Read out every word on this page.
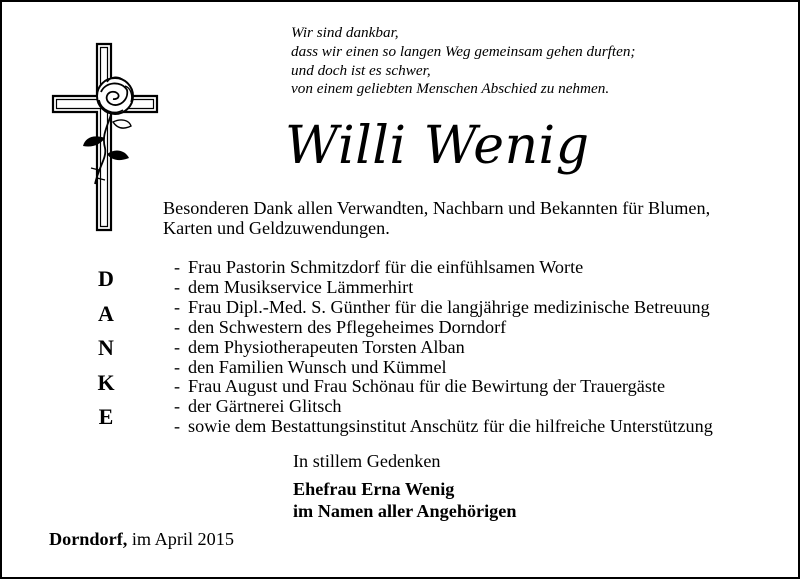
Wir sind dankbar,
dass wir einen so langen Weg gemeinsam gehen durften;
und doch ist es schwer,
von einem geliebten Menschen Abschied zu nehmen.
Willi Wenig
D
A
N
K
E
Besonderen Dank allen Verwandten, Nachbarn und Bekannten für Blumen, Karten und Geldzuwendungen.
- Frau Pastorin Schmitzdorf für die einfühlsamen Worte
- dem Musikservice Lämmerhirt
- Frau Dipl.-Med. S. Günther für die langjährige medizinische Betreuung
- den Schwestern des Pflegeheimes Dorndorf
- dem Physiotherapeuten Torsten Alban
- den Familien Wunsch und Kümmel
- Frau August und Frau Schönau für die Bewirtung der Trauergäste
- der Gärtnerei Glitsch
- sowie dem Bestattungsinstitut Anschütz für die hilfreiche Unterstützung
In stillem Gedenken
Ehefrau Erna Wenig
im Namen aller Angehörigen
Dorndorf, im April 2015
